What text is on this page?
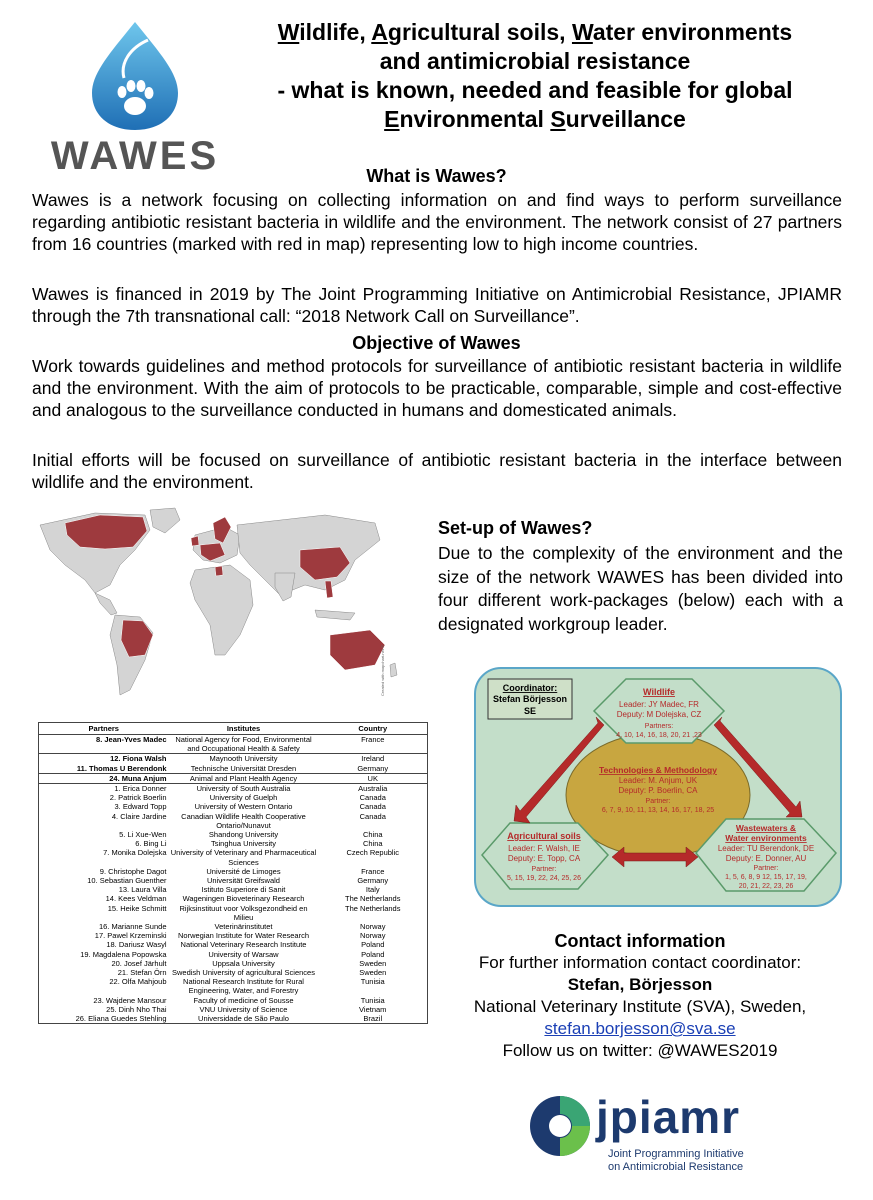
WAWES
Wildlife, Agricultural soils, Water environments
and antimicrobial resistance
- what is known, needed and feasible for global
Environmental Surveillance
What is Wawes?
Wawes is a network focusing on collecting information on and find ways to perform surveillance regarding antibiotic resistant bacteria in wildlife and the environment. The network consist of 27 partners from 16 countries (marked with red in map) representing low to high income countries.
Wawes is financed in 2019 by The Joint Programming Initiative on Antimicrobial Resistance, JPIAMR through the 7th transnational call: “2018 Network Call on Surveillance”.
Objective of Wawes
Work towards guidelines and method protocols for surveillance of antibiotic resistant bacteria in wildlife and the environment. With the aim of protocols to be practicable, comparable, simple and cost-effective and analogous to the surveillance conducted in humans and domesticated animals.
Initial efforts will be focused on surveillance of antibiotic resistant bacteria in the interface between wildlife and the environment.
Created with mapchart.net ©
Set-up of Wawes?
Due to the complexity of the environment and the size of the network WAWES has been divided into four different work-packages (below) each with a designated workgroup leader.
Coordinator:
Stefan Börjesson
SE
Technologies & Methodology
Leader: M. Anjum, UK
Deputy: P. Boerlin, CA
Partner:
6, 7, 9, 10, 11, 13, 14, 16, 17, 18, 25
Wildlife
Leader: JY Madec, FR
Deputy: M Dolejska, CZ
Partners:
4, 10, 14, 16, 18, 20, 21 ,23
Agricultural soils
Leader: F. Walsh, IE
Deputy: E. Topp, CA
Partner:
5, 15, 19, 22, 24, 25, 26
Wastewaters &
Water environments
Leader: TU Berendonk, DE
Deputy: E. Donner, AU
Partner:
1, 5, 6, 8, 9 12, 15, 17, 19,
20, 21, 22, 23, 26
Partners	Institutes	Country
8. Jean-Yves Madec	National Agency for Food, Environmental and Occupational Health & Safety	France
12. Fiona Walsh	Maynooth University	Ireland
11. Thomas U Berendonk	Technische Universität Dresden	Germany
24. Muna Anjum	Animal and Plant Health Agency	UK
1. Erica Donner	University of South Australia	Australia
2. Patrick Boerlin	University of Guelph	Canada
3. Edward Topp	University of Western Ontario	Canada
4. Claire Jardine	Canadian Wildlife Health Cooperative Ontario/Nunavut	Canada
5. Li Xue-Wen	Shandong University	China
6. Bing Li	Tsinghua University	China
7. Monika Dolejska	University of Veterinary and Pharmaceutical Sciences	Czech Republic
9. Christophe Dagot	Université de Limoges	France
10. Sebastian Guenther	Universität Greifswald	Germany
13. Laura Villa	Istituto Superiore di Sanit	Italy
14. Kees Veldman	Wageningen Bioveterinary Research	The Netherlands
15. Heike Schmitt	Rijksinstituut voor Volksgezondheid en Milieu	The Netherlands
16. Marianne Sunde	Veterinärinstitutet	Norway
17. Pawel Krzeminski	Norwegian Institute for Water Research	Norway
18. Dariusz Wasyl	National Veterinary Research Institute	Poland
19. Magdalena Popowska	University of Warsaw	Poland
20. Josef Järhult	Uppsala University	Sweden
21. Stefan Örn	Swedish University of agricultural Sciences	Sweden
22. Olfa Mahjoub	National Research Institute for Rural Engineering, Water, and Forestry	Tunisia
23. Wajdene Mansour	Faculty of medicine of Sousse	Tunisia
25. Dinh Nho Thai	VNU University of Science	Vietnam
26. Eliana Guedes Stehling	Universidade de São Paulo	Brazil
Contact information
For further information contact coordinator:
Stefan, Börjesson
National Veterinary Institute (SVA), Sweden,
stefan.borjesson@sva.se
Follow us on twitter: @WAWES2019
jpiamr
Joint Programming Initiative
on Antimicrobial Resistance
